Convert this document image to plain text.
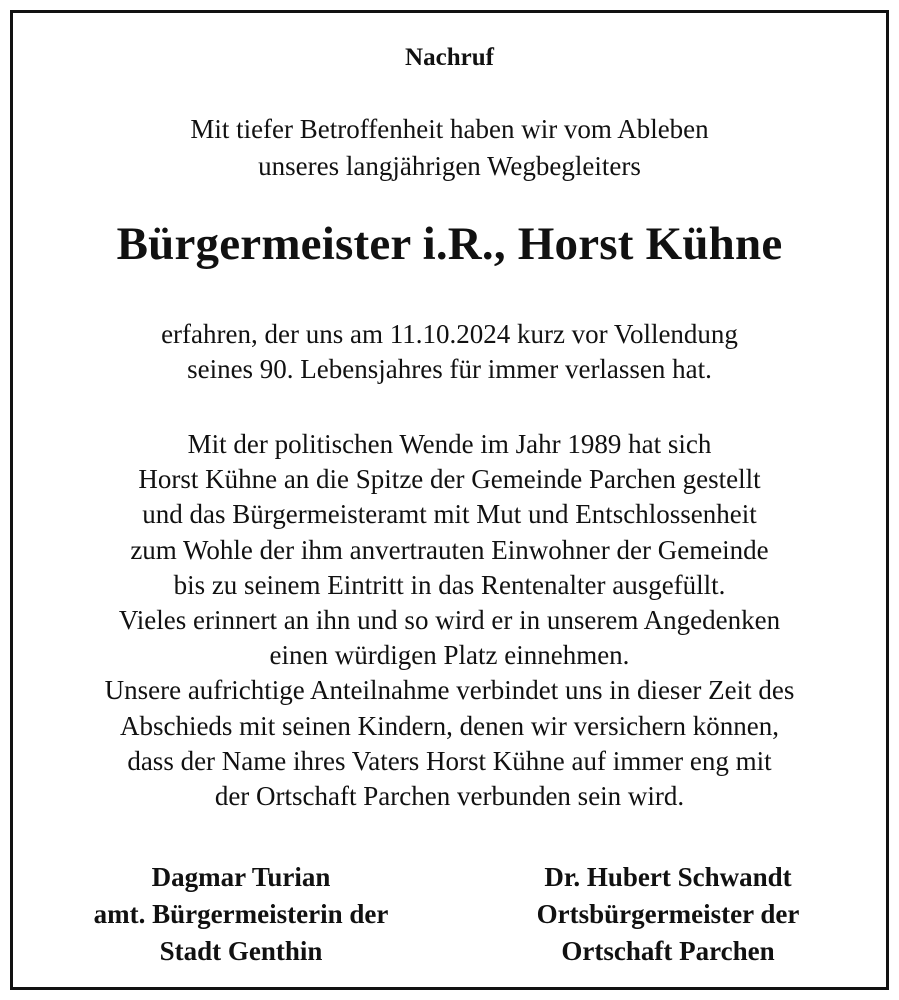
Nachruf
Mit tiefer Betroffenheit haben wir vom Ableben
unseres langjährigen Wegbegleiters
Bürgermeister i.R., Horst Kühne
erfahren, der uns am 11.10.2024 kurz vor Vollendung
seines 90. Lebensjahres für immer verlassen hat.
Mit der politischen Wende im Jahr 1989 hat sich
Horst Kühne an die Spitze der Gemeinde Parchen gestellt
und das Bürgermeisteramt mit Mut und Entschlossenheit
zum Wohle der ihm anvertrauten Einwohner der Gemeinde
bis zu seinem Eintritt in das Rentenalter ausgefüllt.
Vieles erinnert an ihn und so wird er in unserem Angedenken
einen würdigen Platz einnehmen.
Unsere aufrichtige Anteilnahme verbindet uns in dieser Zeit des
Abschieds mit seinen Kindern, denen wir versichern können,
dass der Name ihres Vaters Horst Kühne auf immer eng mit
der Ortschaft Parchen verbunden sein wird.
Dagmar Turian
amt. Bürgermeisterin der
Stadt Genthin
Dr. Hubert Schwandt
Ortsbürgermeister der
Ortschaft Parchen
